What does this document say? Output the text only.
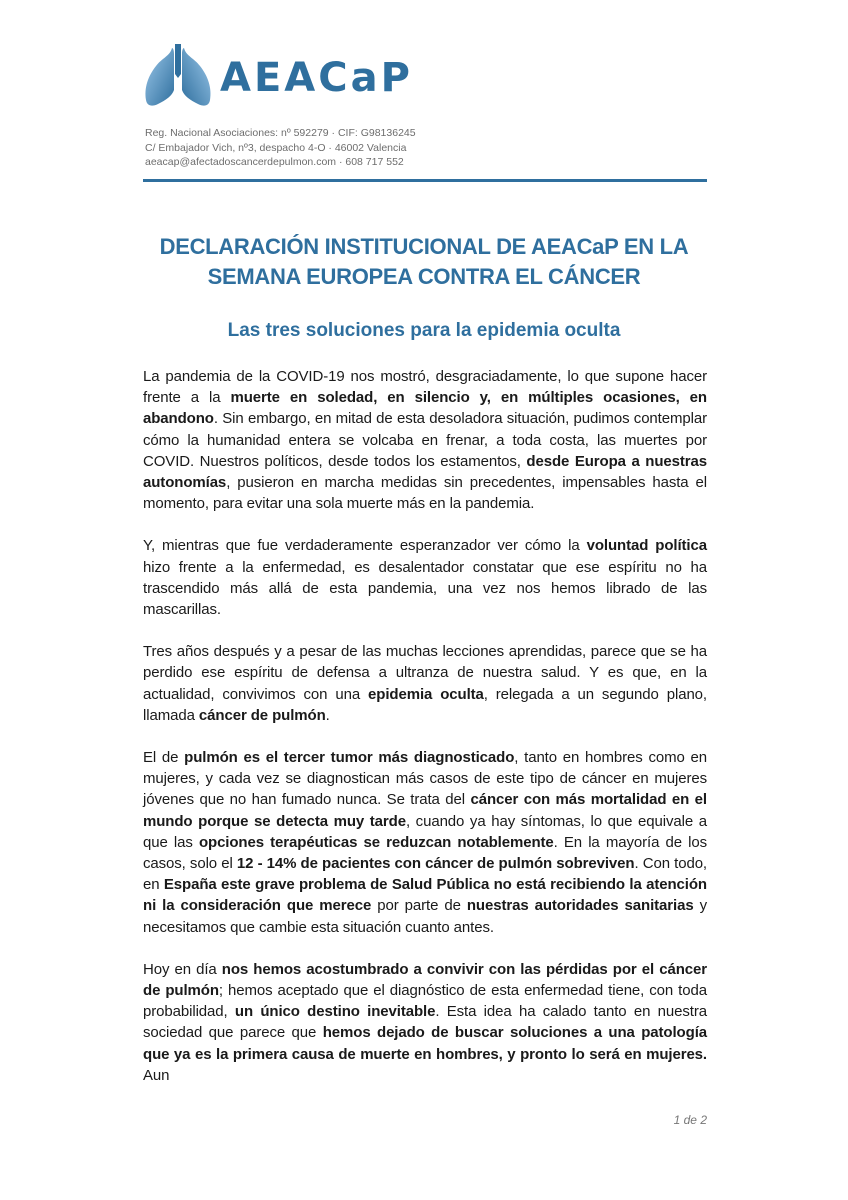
AEACaP
Reg. Nacional Asociaciones: nº 592279 · CIF: G98136245
C/ Embajador Vich, nº3, despacho 4-O · 46002 Valencia
aeacap@afectadoscancerdepulmon.com · 608 717 552
DECLARACIÓN INSTITUCIONAL DE AEACaP EN LA
SEMANA EUROPEA CONTRA EL CÁNCER
Las tres soluciones para la epidemia oculta

La pandemia de la COVID-19 nos mostró, desgraciadamente, lo que supone hacer frente a la muerte en soledad, en silencio y, en múltiples ocasiones, en abandono. Sin embargo, en mitad de esta desoladora situación, pudimos contemplar cómo la humanidad entera se volcaba en frenar, a toda costa, las muertes por COVID. Nuestros políticos, desde todos los estamentos, desde Europa a nuestras autonomías, pusieron en marcha medidas sin precedentes, impensables hasta el momento, para evitar una sola muerte más en la pandemia.

Y, mientras que fue verdaderamente esperanzador ver cómo la voluntad política hizo frente a la enfermedad, es desalentador constatar que ese espíritu no ha trascendido más allá de esta pandemia, una vez nos hemos librado de las mascarillas.

Tres años después y a pesar de las muchas lecciones aprendidas, parece que se ha perdido ese espíritu de defensa a ultranza de nuestra salud. Y es que, en la actualidad, convivimos con una epidemia oculta, relegada a un segundo plano, llamada cáncer de pulmón.

El de pulmón es el tercer tumor más diagnosticado, tanto en hombres como en mujeres, y cada vez se diagnostican más casos de este tipo de cáncer en mujeres jóvenes que no han fumado nunca. Se trata del cáncer con más mortalidad en el mundo porque se detecta muy tarde, cuando ya hay síntomas, lo que equivale a que las opciones terapéuticas se reduzcan notablemente. En la mayoría de los casos, solo el 12 - 14% de pacientes con cáncer de pulmón sobreviven. Con todo, en España este grave problema de Salud Pública no está recibiendo la atención ni la consideración que merece por parte de nuestras autoridades sanitarias y necesitamos que cambie esta situación cuanto antes.

Hoy en día nos hemos acostumbrado a convivir con las pérdidas por el cáncer de pulmón; hemos aceptado que el diagnóstico de esta enfermedad tiene, con toda probabilidad, un único destino inevitable. Esta idea ha calado tanto en nuestra sociedad que parece que hemos dejado de buscar soluciones a una patología que ya es la primera causa de muerte en hombres, y pronto lo será en mujeres. Aun

1 de 2
